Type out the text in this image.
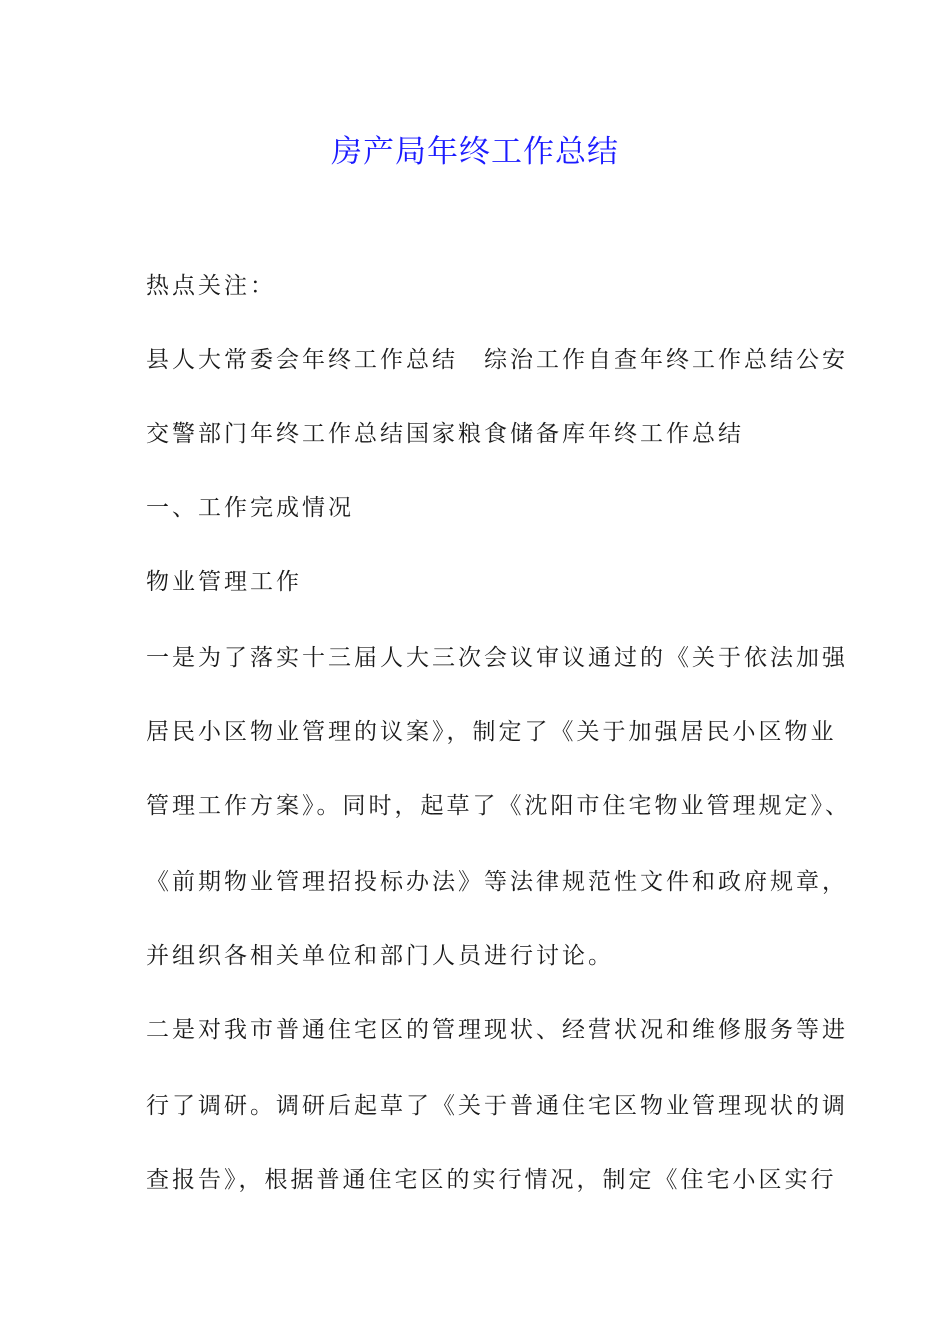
房产局年终工作总结

热点关注：

县人大常委会年终工作总结　综治工作自查年终工作总结公安

交警部门年终工作总结国家粮食储备库年终工作总结

一、工作完成情况

物业管理工作

一是为了落实十三届人大三次会议审议通过的《关于依法加强

居民小区物业管理的议案》，制定了《关于加强居民小区物业

管理工作方案》。同时，起草了《沈阳市住宅物业管理规定》、

《前期物业管理招投标办法》等法律规范性文件和政府规章，

并组织各相关单位和部门人员进行讨论。

二是对我市普通住宅区的管理现状、经营状况和维修服务等进

行了调研。调研后起草了《关于普通住宅区物业管理现状的调

查报告》，根据普通住宅区的实行情况，制定《住宅小区实行
